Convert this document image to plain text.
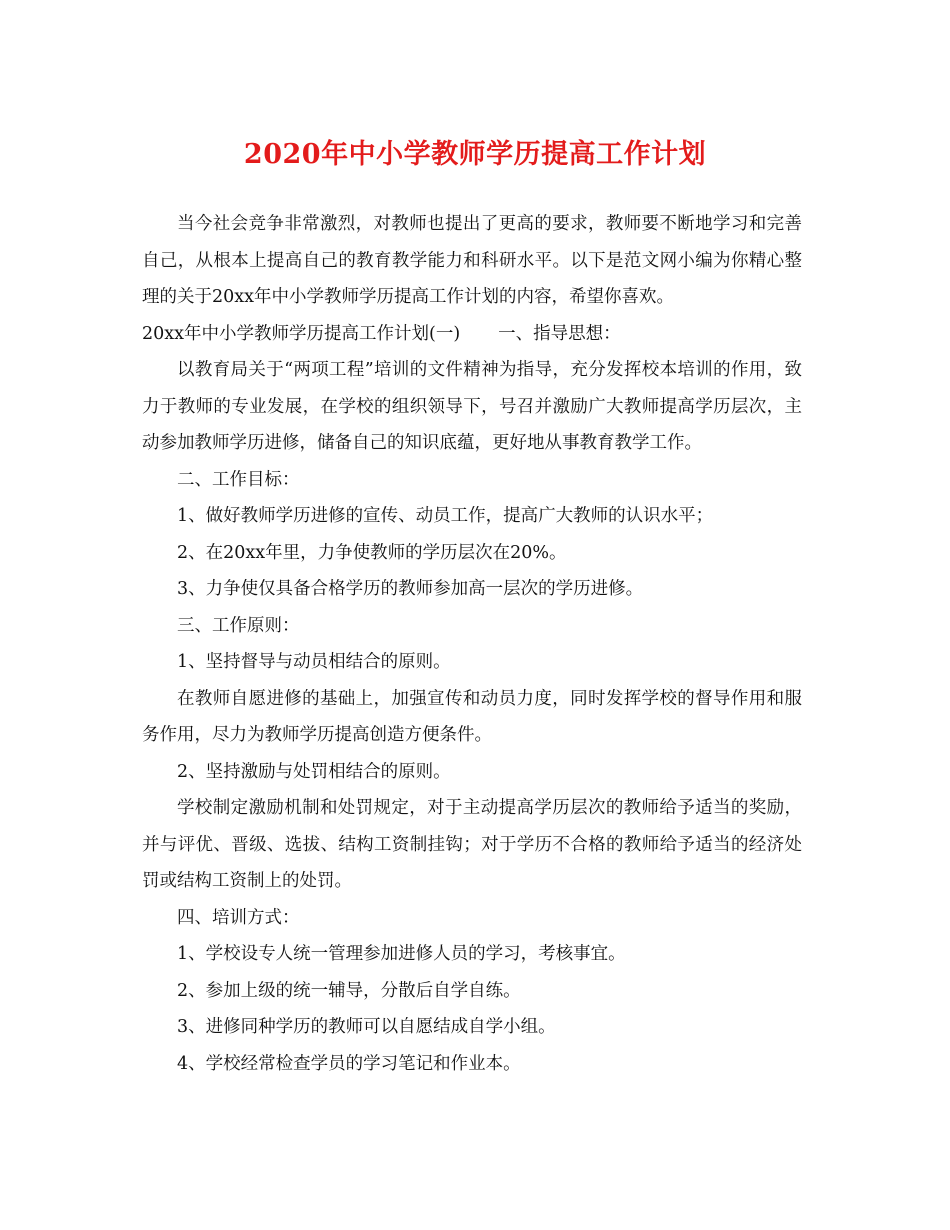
2020年中小学教师学历提高工作计划

当今社会竞争非常激烈，对教师也提出了更高的要求，教师要不断地学习和完善自己，从根本上提高自己的教育教学能力和科研水平。以下是范文网小编为你精心整理的关于20xx年中小学教师学历提高工作计划的内容，希望你喜欢。

20xx年中小学教师学历提高工作计划(一) 一、指导思想：

以教育局关于“两项工程”培训的文件精神为指导，充分发挥校本培训的作用，致力于教师的专业发展，在学校的组织领导下，号召并激励广大教师提高学历层次，主动参加教师学历进修，储备自己的知识底蕴，更好地从事教育教学工作。

二、工作目标：

1、做好教师学历进修的宣传、动员工作，提高广大教师的认识水平；

2、在20xx年里，力争使教师的学历层次在20%。

3、力争使仅具备合格学历的教师参加高一层次的学历进修。

三、工作原则：

1、坚持督导与动员相结合的原则。

在教师自愿进修的基础上，加强宣传和动员力度，同时发挥学校的督导作用和服务作用，尽力为教师学历提高创造方便条件。

2、坚持激励与处罚相结合的原则。

学校制定激励机制和处罚规定，对于主动提高学历层次的教师给予适当的奖励，并与评优、晋级、选拔、结构工资制挂钩；对于学历不合格的教师给予适当的经济处罚或结构工资制上的处罚。

四、培训方式：

1、学校设专人统一管理参加进修人员的学习，考核事宜。

2、参加上级的统一辅导，分散后自学自练。

3、进修同种学历的教师可以自愿结成自学小组。

4、学校经常检查学员的学习笔记和作业本。
